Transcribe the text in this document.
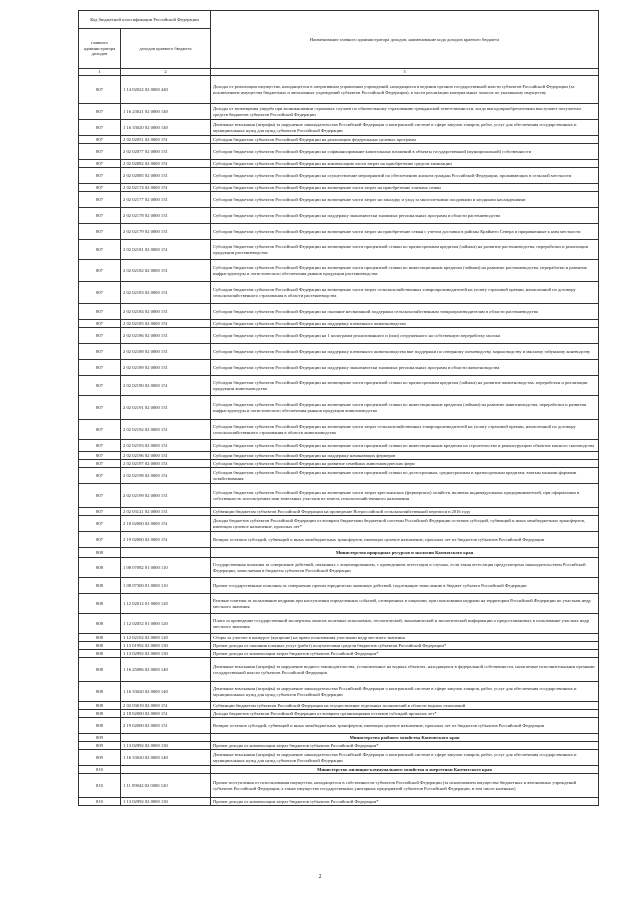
Код бюджетной классификации Российской Федерации		Наименование главного администратора доходов, наименование кода доходов краевого бюджета
главного администратора доходов	доходов краевого бюджета	
1	2	3
807	1 14 02022 02 0000 440	Доходы от реализации имущества, находящегося в оперативном управлении учреждений, находящихся в ведении органов государственной власти субъектов Российской Федерации (за исключением имущества бюджетных и автономных учреждений субъектов Российской Федерации), в части реализации материальных запасов по указанному имуществу
807	1 16 23021 02 0000 140	Доходы от возмещения ущерба при возникновении страховых случаев по обязательному страхованию гражданской ответственности, когда выгодоприобретателями выступают получатели средств бюджетов субъектов Российской Федерации
807	1 16 33020 02 0000 140	Денежные взыскания (штрафы) за нарушение законодательства Российской Федерации о контрактной системе в сфере закупок товаров, работ, услуг для обеспечения государственных и муниципальных нужд для нужд субъектов Российской Федерации
807	2 02 02051 02 0000 151	Субсидии бюджетам субъектов Российской Федерации на реализацию федеральных целевых программ
807	2 02 02077 02 0000 151	Субсидии бюджетам субъектов Российской Федерации на софинансирование капитальных вложений в объекты государственной (муниципальной) собственности
807	2 02 02082 02 0000 151	Субсидии бюджетам субъектов Российской Федерации на компенсацию части затрат на приобретение средств химизации
807	2 02 02085 02 0000 151	Субсидии бюджетам субъектов Российской Федерации на осуществление мероприятий по обеспечению жильем граждан Российской Федерации, проживающих в сельской местности
807	2 02 02174 02 0000 151	Субсидии бюджетам субъектов Российской Федерации на возмещение части затрат на приобретение элитных семян
807	2 02 02177 02 0000 151	Субсидии бюджетам субъектов Российской Федерации на возмещение части затрат на закладку и уход за многолетними плодовыми и ягодными насаждениями
807	2 02 02178 02 0000 151	Субсидии бюджетам субъектов Российской Федерации на поддержку экономически значимых региональных программ в области растениеводства
807	2 02 02179 02 0000 151	Субсидии бюджетам субъектов Российской Федерации на возмещение части затрат на приобретение семян с учетом доставки в районы Крайнего Севера и приравненные к ним местности
807	2 02 02181 02 0000 151	Субсидии бюджетам субъектов Российской Федерации на возмещение части процентной ставки по краткосрочным кредитам (займам) на развитие растениеводства, переработки и реализации продукции растениеводства
807	2 02 02182 02 0000 151	Субсидии бюджетам субъектов Российской Федерации на возмещение части процентной ставки по инвестиционным кредитам (займам) на развитие растениеводства, переработки и развития инфраструктуры и логистического обеспечения рынков продукции растениеводства
807	2 02 02183 02 0000 151	Субсидии бюджетам субъектов Российской Федерации на возмещение части затрат сельскохозяйственных товаропроизводителей на уплату страховой премии, начисленной по договору сельскохозяйственного страхования в области растениеводства
807	2 02 02184 02 0000 151	Субсидии бюджетам субъектов Российской Федерации на оказание несвязанной поддержки сельскохозяйственным товаропроизводителям в области растениеводства
807	2 02 02185 02 0000 151	Субсидии бюджетам субъектов Российской Федерации на поддержку племенного животноводства
807	2 02 02186 02 0000 151	Субсидии бюджетам субъектов Российской Федерации на 1 килограмм реализованного и (или) отгруженного на собственную переработку молока
807	2 02 02188 02 0000 151	Субсидии бюджетам субъектов Российской Федерации на поддержку племенного животноводства вне поддержки по северному оленеводству, мараловодству и мясному табунному коневодству
807	2 02 02189 02 0000 151	Субсидии бюджетам субъектов Российской Федерации на поддержку экономически значимых региональных программ в области животноводства
807	2 02 02190 02 0000 151	Субсидии бюджетам субъектов Российской Федерации на возмещение части процентной ставки по краткосрочным кредитам (займам) на развитие животноводства, переработки и реализации продукции животноводства
807	2 02 02191 02 0000 151	Субсидии бюджетам субъектов Российской Федерации на возмещение части процентной ставки по инвестиционным кредитам (займам) на развитие животноводства, переработки и развития инфраструктуры и логистического обеспечения рынков продукции животноводства
807	2 02 02192 02 0000 151	Субсидии бюджетам субъектов Российской Федерации на возмещение части затрат сельскохозяйственных товаропроизводителей на уплату страховой премии, начисленной по договору сельскохозяйственного страхования в области животноводства
807	2 02 02193 02 0000 151	Субсидии бюджетам субъектов Российской Федерации на возмещение части процентной ставки по инвестиционным кредитам на строительство и реконструкцию объектов мясного скотоводства
807	2 02 02196 02 0000 151	Субсидии бюджетам субъектов Российской Федерации на поддержку начинающих фермеров
807	2 02 02197 02 0000 151	Субсидии бюджетам субъектов Российской Федерации на развитие семейных животноводческих ферм
807	2 02 02198 02 0000 151	Субсидии бюджетам субъектов Российской Федерации на возмещение части процентной ставки по долгосрочным, среднесрочным и краткосрочным кредитам, взятым малыми формами хозяйствования
807	2 02 02199 02 0000 151	Субсидии бюджетам субъектов Российской Федерации на возмещение части затрат крестьянских (фермерских) хозяйств, включая индивидуальных предпринимателей, при оформлении в собственность используемых ими земельных участков из земель сельскохозяйственного назначения
807	2 02 03121 02 0000 151	Субвенции бюджетам субъектов Российской Федерации на проведение Всероссийской сельскохозяйственной переписи в 2016 году
807	2 18 02000 02 0000 151	Доходы бюджетов субъектов Российской Федерации от возврата бюджетами бюджетной системы Российской Федерации остатков субсидий, субвенций и иных межбюджетных трансфертов, имеющих целевое назначение, прошлых лет*
807	2 19 02000 02 0000 151	Возврат остатков субсидий, субвенций и иных межбюджетных трансфертов, имеющих целевое назначение, прошлых лет из бюджетов субъектов Российской Федерации
808		Министерство природных ресурсов и экологии Камчатского края
808	1 08 07082 01 0000 110	Государственная пошлина за совершение действий, связанных с лицензированием, с проведением аттестации в случаях, если такая аттестация предусмотрена законодательством Российской Федерации, зачисляемая в бюджеты субъектов Российской Федерации
808	1 08 07300 01 0000 110	Прочие государственные пошлины за совершение прочих юридически значимых действий, подлежащие зачислению в бюджет субъекта Российской Федерации
808	1 12 02012 01 0000 120	Разовые платежи за пользование недрами при наступлении определенных событий, оговоренных в лицензии, при пользовании недрами на территории Российской Федерации по участкам недр местного значения
808	1 12 02052 01 0000 120	Плата за проведение государственной экспертизы запасов полезных ископаемых, геологической, экономической и экологической информации о предоставляемых в пользование участках недр местного значения
808	1 12 02102 02 0000 120	Сборы за участие в конкурсе (аукционе) на право пользования участками недр местного значения
808	1 13 01992 02 0000 130	Прочие доходы от оказания платных услуг (работ) получателями средств бюджетов субъектов Российской Федерации*
808	1 13 02992 02 0000 130	Прочие доходы от компенсации затрат бюджетов субъектов Российской Федерации*
808	1 16 25086 02 0000 140	Денежные взыскания (штрафы) за нарушение водного законодательства, установленное на водных объектах, находящихся в федеральной собственности, налагаемые исполнительными органами государственной власти субъектов Российской Федерации
808	1 16 33020 02 0000 140	Денежные взыскания (штрафы) за нарушение законодательства Российской Федерации о контрактной системе в сфере закупок товаров, работ, услуг для обеспечения государственных и муниципальных нужд для нужд субъектов Российской Федерации
808	2 02 03019 02 0000 151	Субвенции бюджетам субъектов Российской Федерации на осуществление отдельных полномочий в области водных отношений
808	2 18 02000 02 0000 151	Доходы бюджетов субъектов Российской Федерации от возврата организациями остатков субсидий прошлых лет*
808	2 19 02000 02 0000 151	Возврат остатков субсидий, субвенций и иных межбюджетных трансфертов, имеющих целевое назначение, прошлых лет из бюджетов субъектов Российской Федерации
809		Министерство рыбного хозяйства Камчатского края
809	1 13 02992 02 0000 130	Прочие доходы от компенсации затрат бюджетов субъектов Российской Федерации*
809	1 16 33020 02 0000 140	Денежные взыскания (штрафы) за нарушение законодательства Российской Федерации о контрактной системе в сфере закупок товаров, работ, услуг для обеспечения государственных и муниципальных нужд для нужд субъектов Российской Федерации
810		Министерство жилищно-коммунального хозяйства и энергетики Камчатского края
810	1 11 09042 02 0000 120	Прочие поступления от использования имущества, находящегося в собственности субъектов Российской Федерации (за исключением имущества бюджетных и автономных учреждений субъектов Российской Федерации, а также имущества государственных унитарных предприятий субъектов Российской Федерации, в том числе казенных)
810	1 13 02992 02 0000 130	Прочие доходы от компенсации затрат бюджетов субъектов Российской Федерации*
2
